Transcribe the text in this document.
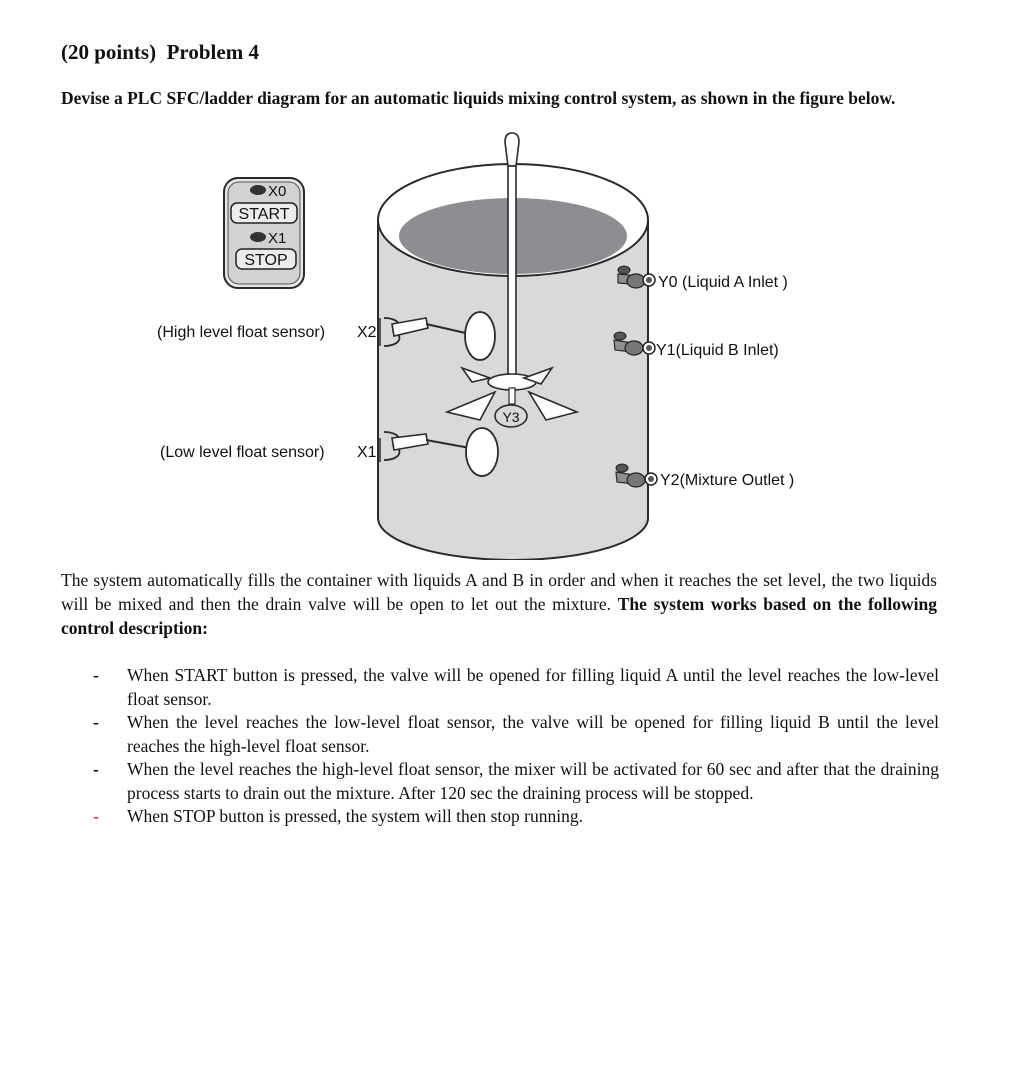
(20 points) Problem 4

Devise a PLC SFC/ladder diagram for an automatic liquids mixing control system, as shown in the figure below.

X0
START
X1
STOP
Y3
(High level float sensor) X2
(Low level float sensor) X1
Y0 (Liquid A Inlet )
Y1(Liquid B Inlet)
Y2(Mixture Outlet )

The system automatically fills the container with liquids A and B in order and when it reaches the set level, the two liquids will be mixed and then the drain valve will be open to let out the mixture. The system works based on the following control description:

- When START button is pressed, the valve will be opened for filling liquid A until the level reaches the low-level float sensor.
- When the level reaches the low-level float sensor, the valve will be opened for filling liquid B until the level reaches the high-level float sensor.
- When the level reaches the high-level float sensor, the mixer will be activated for 60 sec and after that the draining process starts to drain out the mixture. After 120 sec the draining process will be stopped.
- When STOP button is pressed, the system will then stop running.
